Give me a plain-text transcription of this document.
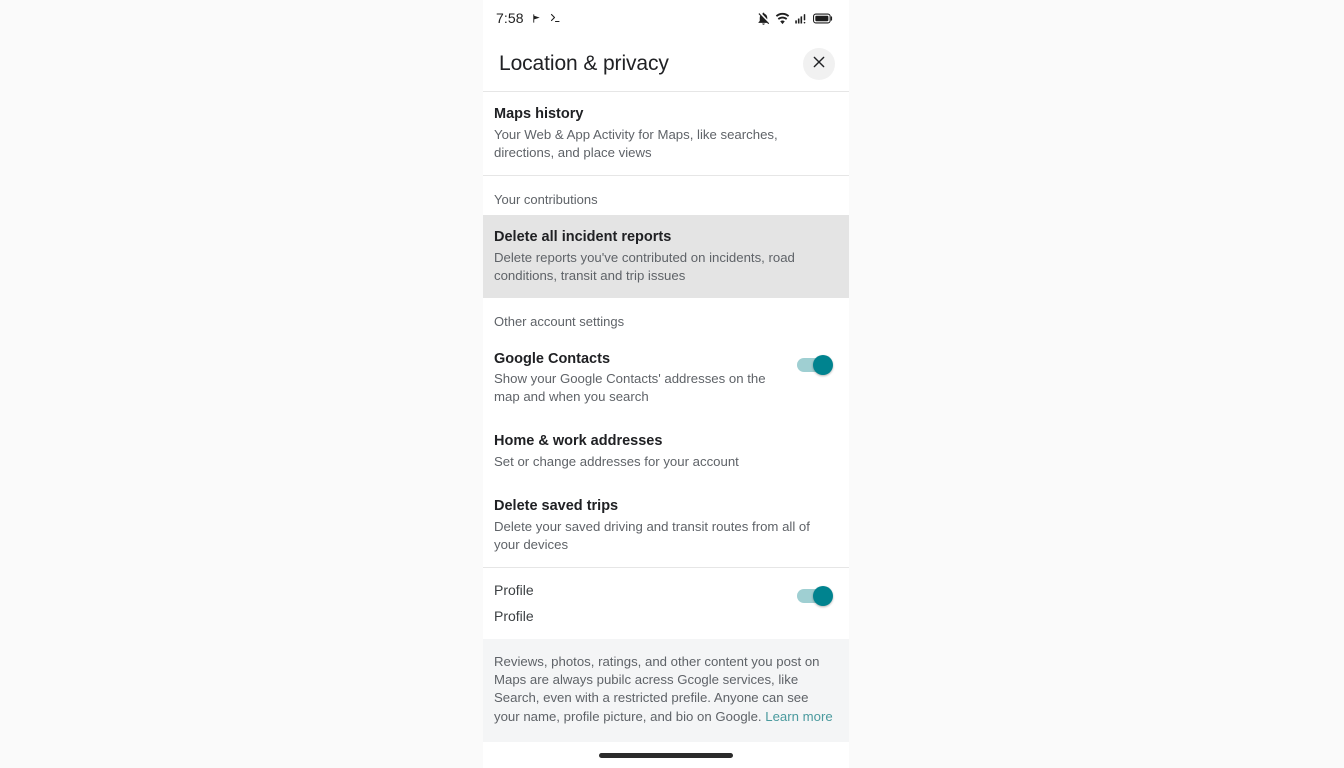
7:58
Location & privacy
Maps history
Your Web & App Activity for Maps, like searches, directions, and place views
Your contributions
Delete all incident reports
Delete reports you've contributed on incidents, road conditions, transit and trip issues
Other account settings
Google Contacts
Show your Google Contacts' addresses on the map and when you search
Home & work addresses
Set or change addresses for your account
Delete saved trips
Delete your saved driving and transit routes from all of your devices
Profile
Profile

Reviews, photos, ratings, and other content you post on Maps are always pubilc acress Gcogle services, like Search, even with a restricted prefile. Anyone can see your name, profile picture, and bio on Google. Learn more
